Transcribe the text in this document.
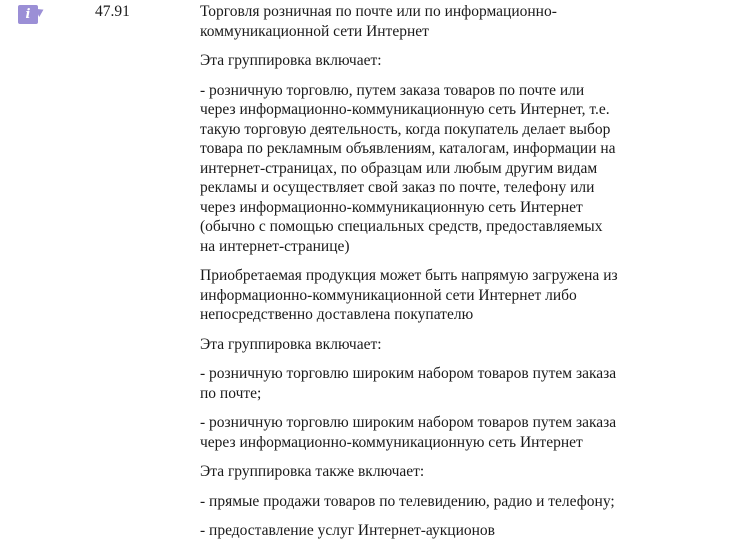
i	47.91	Торговля розничная по почте или по информационно-коммуникационной сети Интернет

Эта группировка включает:

- розничную торговлю, путем заказа товаров по почте или через информационно-коммуникационную сеть Интернет, т.е. такую торговую деятельность, когда покупатель делает выбор товара по рекламным объявлениям, каталогам, информации на интернет-страницах, по образцам или любым другим видам рекламы и осуществляет свой заказ по почте, телефону или через информационно-коммуникационную сеть Интернет (обычно с помощью специальных средств, предоставляемых на интернет-странице)

Приобретаемая продукция может быть напрямую загружена из информационно-коммуникационной сети Интернет либо непосредственно доставлена покупателю

Эта группировка включает:

- розничную торговлю широким набором товаров путем заказа по почте;

- розничную торговлю широким набором товаров путем заказа через информационно-коммуникационную сеть Интернет

Эта группировка также включает:

- прямые продажи товаров по телевидению, радио и телефону;

- предоставление услуг Интернет-аукционов
